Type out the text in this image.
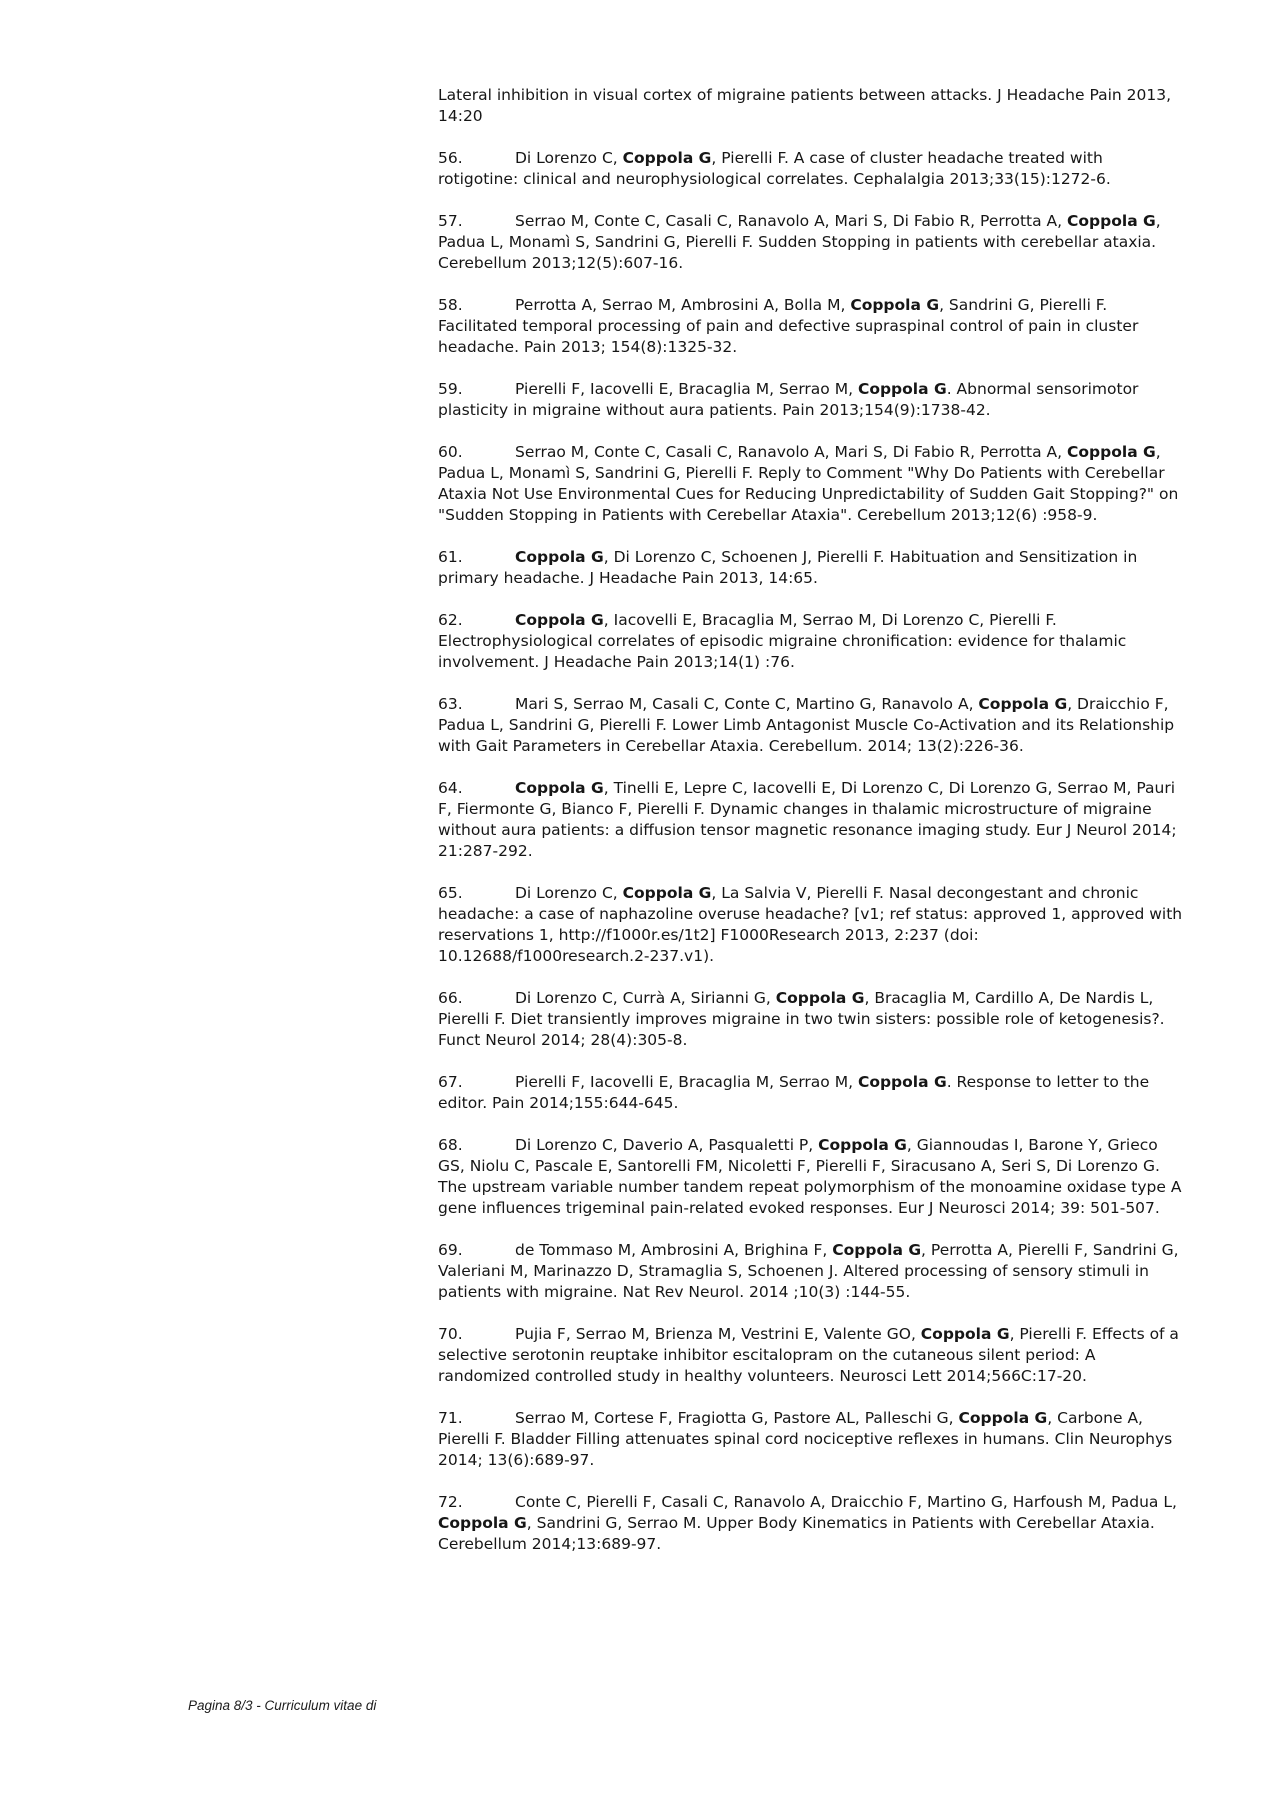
Lateral inhibition in visual cortex of migraine patients between attacks. J Headache Pain 2013, 14:20

56.	Di Lorenzo C, Coppola G, Pierelli F. A case of cluster headache treated with rotigotine: clinical and neurophysiological correlates. Cephalalgia 2013;33(15):1272-6.

57.	Serrao M, Conte C, Casali C, Ranavolo A, Mari S, Di Fabio R, Perrotta A, Coppola G, Padua L, Monamì S, Sandrini G, Pierelli F. Sudden Stopping in patients with cerebellar ataxia. Cerebellum 2013;12(5):607-16.

58.	Perrotta A, Serrao M, Ambrosini A, Bolla M, Coppola G, Sandrini G, Pierelli F. Facilitated temporal processing of pain and defective supraspinal control of pain in cluster headache. Pain 2013; 154(8):1325-32.

59.	Pierelli F, Iacovelli E, Bracaglia M, Serrao M, Coppola G. Abnormal sensorimotor plasticity in migraine without aura patients. Pain 2013;154(9):1738-42.

60.	Serrao M, Conte C, Casali C, Ranavolo A, Mari S, Di Fabio R, Perrotta A, Coppola G, Padua L, Monamì S, Sandrini G, Pierelli F. Reply to Comment "Why Do Patients with Cerebellar Ataxia Not Use Environmental Cues for Reducing Unpredictability of Sudden Gait Stopping?" on "Sudden Stopping in Patients with Cerebellar Ataxia". Cerebellum 2013;12(6) :958-9.

61.	Coppola G, Di Lorenzo C, Schoenen J, Pierelli F. Habituation and Sensitization in primary headache. J Headache Pain 2013, 14:65.

62.	Coppola G, Iacovelli E, Bracaglia M, Serrao M, Di Lorenzo C, Pierelli F. Electrophysiological correlates of episodic migraine chronification: evidence for thalamic involvement. J Headache Pain 2013;14(1) :76.

63.	Mari S, Serrao M, Casali C, Conte C, Martino G, Ranavolo A, Coppola G, Draicchio F, Padua L, Sandrini G, Pierelli F. Lower Limb Antagonist Muscle Co-Activation and its Relationship with Gait Parameters in Cerebellar Ataxia. Cerebellum. 2014; 13(2):226-36.

64.	Coppola G, Tinelli E, Lepre C, Iacovelli E, Di Lorenzo C, Di Lorenzo G, Serrao M, Pauri F, Fiermonte G, Bianco F, Pierelli F. Dynamic changes in thalamic microstructure of migraine without aura patients: a diffusion tensor magnetic resonance imaging study. Eur J Neurol 2014; 21:287-292.

65.	Di Lorenzo C, Coppola G, La Salvia V, Pierelli F. Nasal decongestant and chronic headache: a case of naphazoline overuse headache? [v1; ref status: approved 1, approved with reservations 1, http://f1000r.es/1t2] F1000Research 2013, 2:237 (doi: 10.12688/f1000research.2-237.v1).

66.	Di Lorenzo C, Currà A, Sirianni G, Coppola G, Bracaglia M, Cardillo A, De Nardis L, Pierelli F. Diet transiently improves migraine in two twin sisters: possible role of ketogenesis?. Funct Neurol 2014; 28(4):305-8.

67.	Pierelli F, Iacovelli E, Bracaglia M, Serrao M, Coppola G. Response to letter to the editor. Pain 2014;155:644-645.

68.	Di Lorenzo C, Daverio A, Pasqualetti P, Coppola G, Giannoudas I, Barone Y, Grieco GS, Niolu C, Pascale E, Santorelli FM, Nicoletti F, Pierelli F, Siracusano A, Seri S, Di Lorenzo G. The upstream variable number tandem repeat polymorphism of the monoamine oxidase type A gene influences trigeminal pain-related evoked responses. Eur J Neurosci 2014; 39: 501-507.

69.	de Tommaso M, Ambrosini A, Brighina F, Coppola G, Perrotta A, Pierelli F, Sandrini G, Valeriani M, Marinazzo D, Stramaglia S, Schoenen J. Altered processing of sensory stimuli in patients with migraine. Nat Rev Neurol. 2014 ;10(3) :144-55.

70.	Pujia F, Serrao M, Brienza M, Vestrini E, Valente GO, Coppola G, Pierelli F. Effects of a selective serotonin reuptake inhibitor escitalopram on the cutaneous silent period: A randomized controlled study in healthy volunteers. Neurosci Lett 2014;566C:17-20.

71.	Serrao M, Cortese F, Fragiotta G, Pastore AL, Palleschi G, Coppola G, Carbone A, Pierelli F. Bladder Filling attenuates spinal cord nociceptive reflexes in humans. Clin Neurophys 2014; 13(6):689-97.

72.	Conte C, Pierelli F, Casali C, Ranavolo A, Draicchio F, Martino G, Harfoush M, Padua L, Coppola G, Sandrini G, Serrao M. Upper Body Kinematics in Patients with Cerebellar Ataxia. Cerebellum 2014;13:689-97.

Pagina 8/3 - Curriculum vitae di
